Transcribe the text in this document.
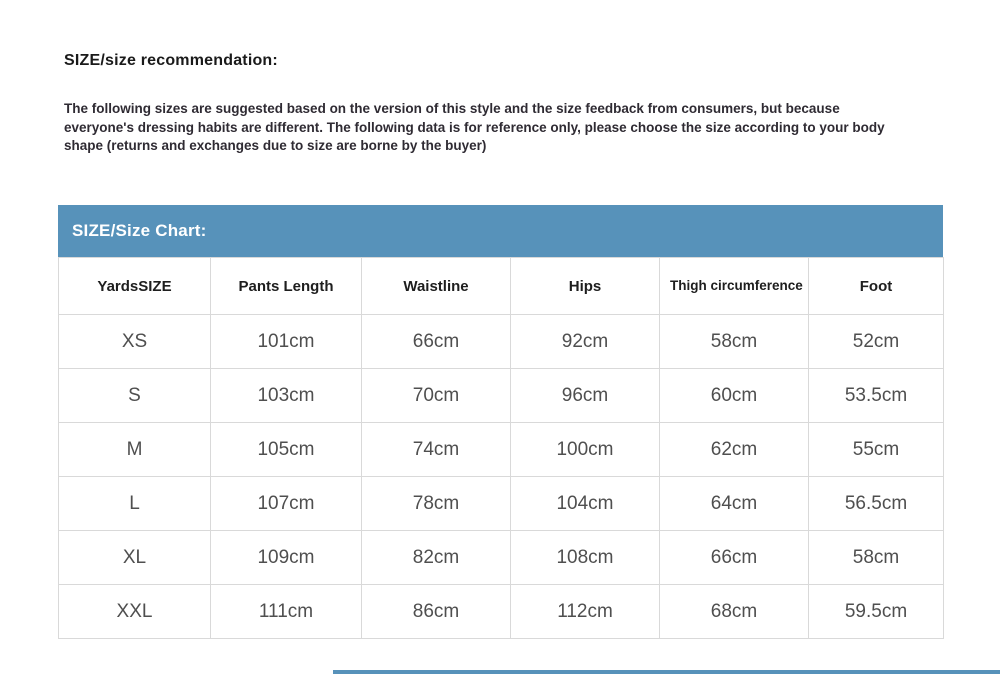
SIZE/size recommendation:
The following sizes are suggested based on the version of this style and the size feedback from consumers, but because everyone's dressing habits are different. The following data is for reference only, please choose the size according to your body shape (returns and exchanges due to size are borne by the buyer)
SIZE/Size Chart:
YardsSIZE	Pants Length	Waistline	Hips	Thigh circumference	Foot
XS	101cm	66cm	92cm	58cm	52cm
S	103cm	70cm	96cm	60cm	53.5cm
M	105cm	74cm	100cm	62cm	55cm
L	107cm	78cm	104cm	64cm	56.5cm
XL	109cm	82cm	108cm	66cm	58cm
XXL	111cm	86cm	112cm	68cm	59.5cm
